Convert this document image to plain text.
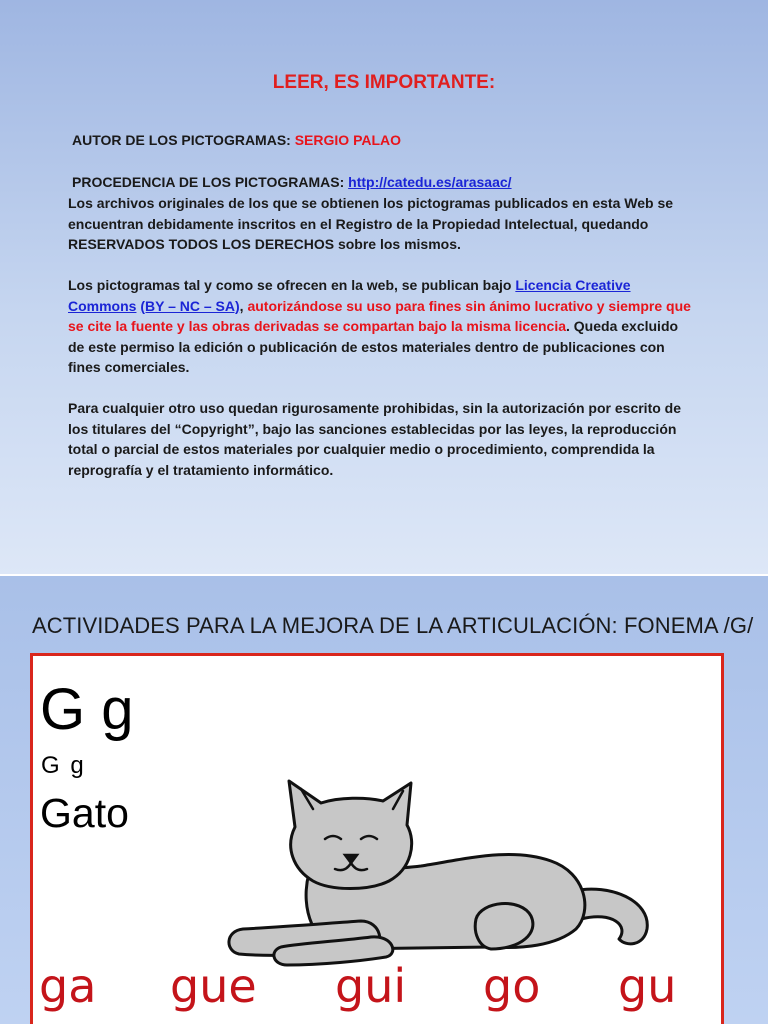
LEER, ES IMPORTANTE:
AUTOR DE LOS PICTOGRAMAS: SERGIO PALAO
PROCEDENCIA DE LOS PICTOGRAMAS: http://catedu.es/arasaac/

Los archivos originales de los que se obtienen los pictogramas publicados en esta Web se

encuentran debidamente inscritos en el Registro de la Propiedad Intelectual, quedando

RESERVADOS TODOS LOS DERECHOS sobre los mismos.

Los pictogramas tal y como se ofrecen en la web, se publican bajo Licencia Creative

Commons (BY – NC – SA), autorizándose su uso para fines sin ánimo lucrativo y siempre que

se cite la fuente y las obras derivadas se compartan bajo la misma licencia. Queda excluido

de este permiso la edición o publicación de estos materiales dentro de publicaciones con

fines comerciales.

Para cualquier otro uso quedan rigurosamente prohibidas, sin la autorización por escrito de

los titulares del “Copyright”, bajo las sanciones establecidas por las leyes, la reproducción

total o parcial de estos materiales por cualquier medio o procedimiento, comprendida la

reprografía y el tratamiento informático.

ACTIVIDADES PARA LA MEJORA DE LA ARTICULACIÓN: FONEMA /G/
G g
G g
Gato
ga gue gui go gu
